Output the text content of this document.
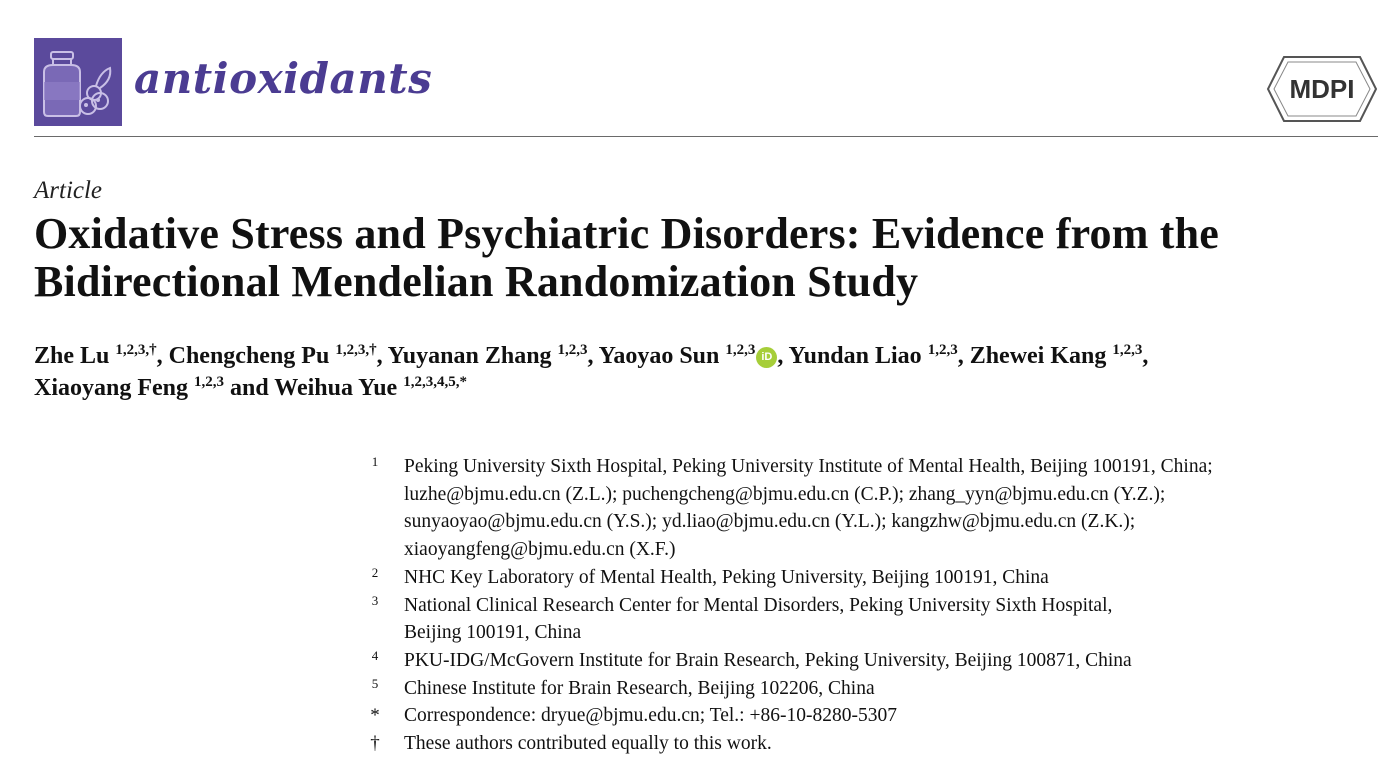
antioxidants	MDPI
Article
Oxidative Stress and Psychiatric Disorders: Evidence from the
Bidirectional Mendelian Randomization Study
Zhe Lu $^{1,2,3,\dagger}$, Chengcheng Pu $^{1,2,3,\dagger}$, Yuyanan Zhang $^{1,2,3}$, Yaoyao Sun $^{1,2,3}$ iD , Yundan Liao $^{1,2,3}$, Zhewei Kang $^{1,2,3}$,
Xiaoyang Feng $^{1,2,3}$ and Weihua Yue $^{1,2,3,4,5,*}$
1	Peking University Sixth Hospital, Peking University Institute of Mental Health, Beijing 100191, China;
luzhe@bjmu.edu.cn (Z.L.); puchengcheng@bjmu.edu.cn (C.P.); zhang_yyn@bjmu.edu.cn (Y.Z.);
sunyaoyao@bjmu.edu.cn (Y.S.); yd.liao@bjmu.edu.cn (Y.L.); kangzhw@bjmu.edu.cn (Z.K.);
xiaoyangfeng@bjmu.edu.cn (X.F.)
2	NHC Key Laboratory of Mental Health, Peking University, Beijing 100191, China
3	National Clinical Research Center for Mental Disorders, Peking University Sixth Hospital,
Beijing 100191, China
4	PKU-IDG/McGovern Institute for Brain Research, Peking University, Beijing 100871, China
5	Chinese Institute for Brain Research, Beijing 102206, China
*	Correspondence: dryue@bjmu.edu.cn; Tel.: +86-10-8280-5307
†	These authors contributed equally to this work.
